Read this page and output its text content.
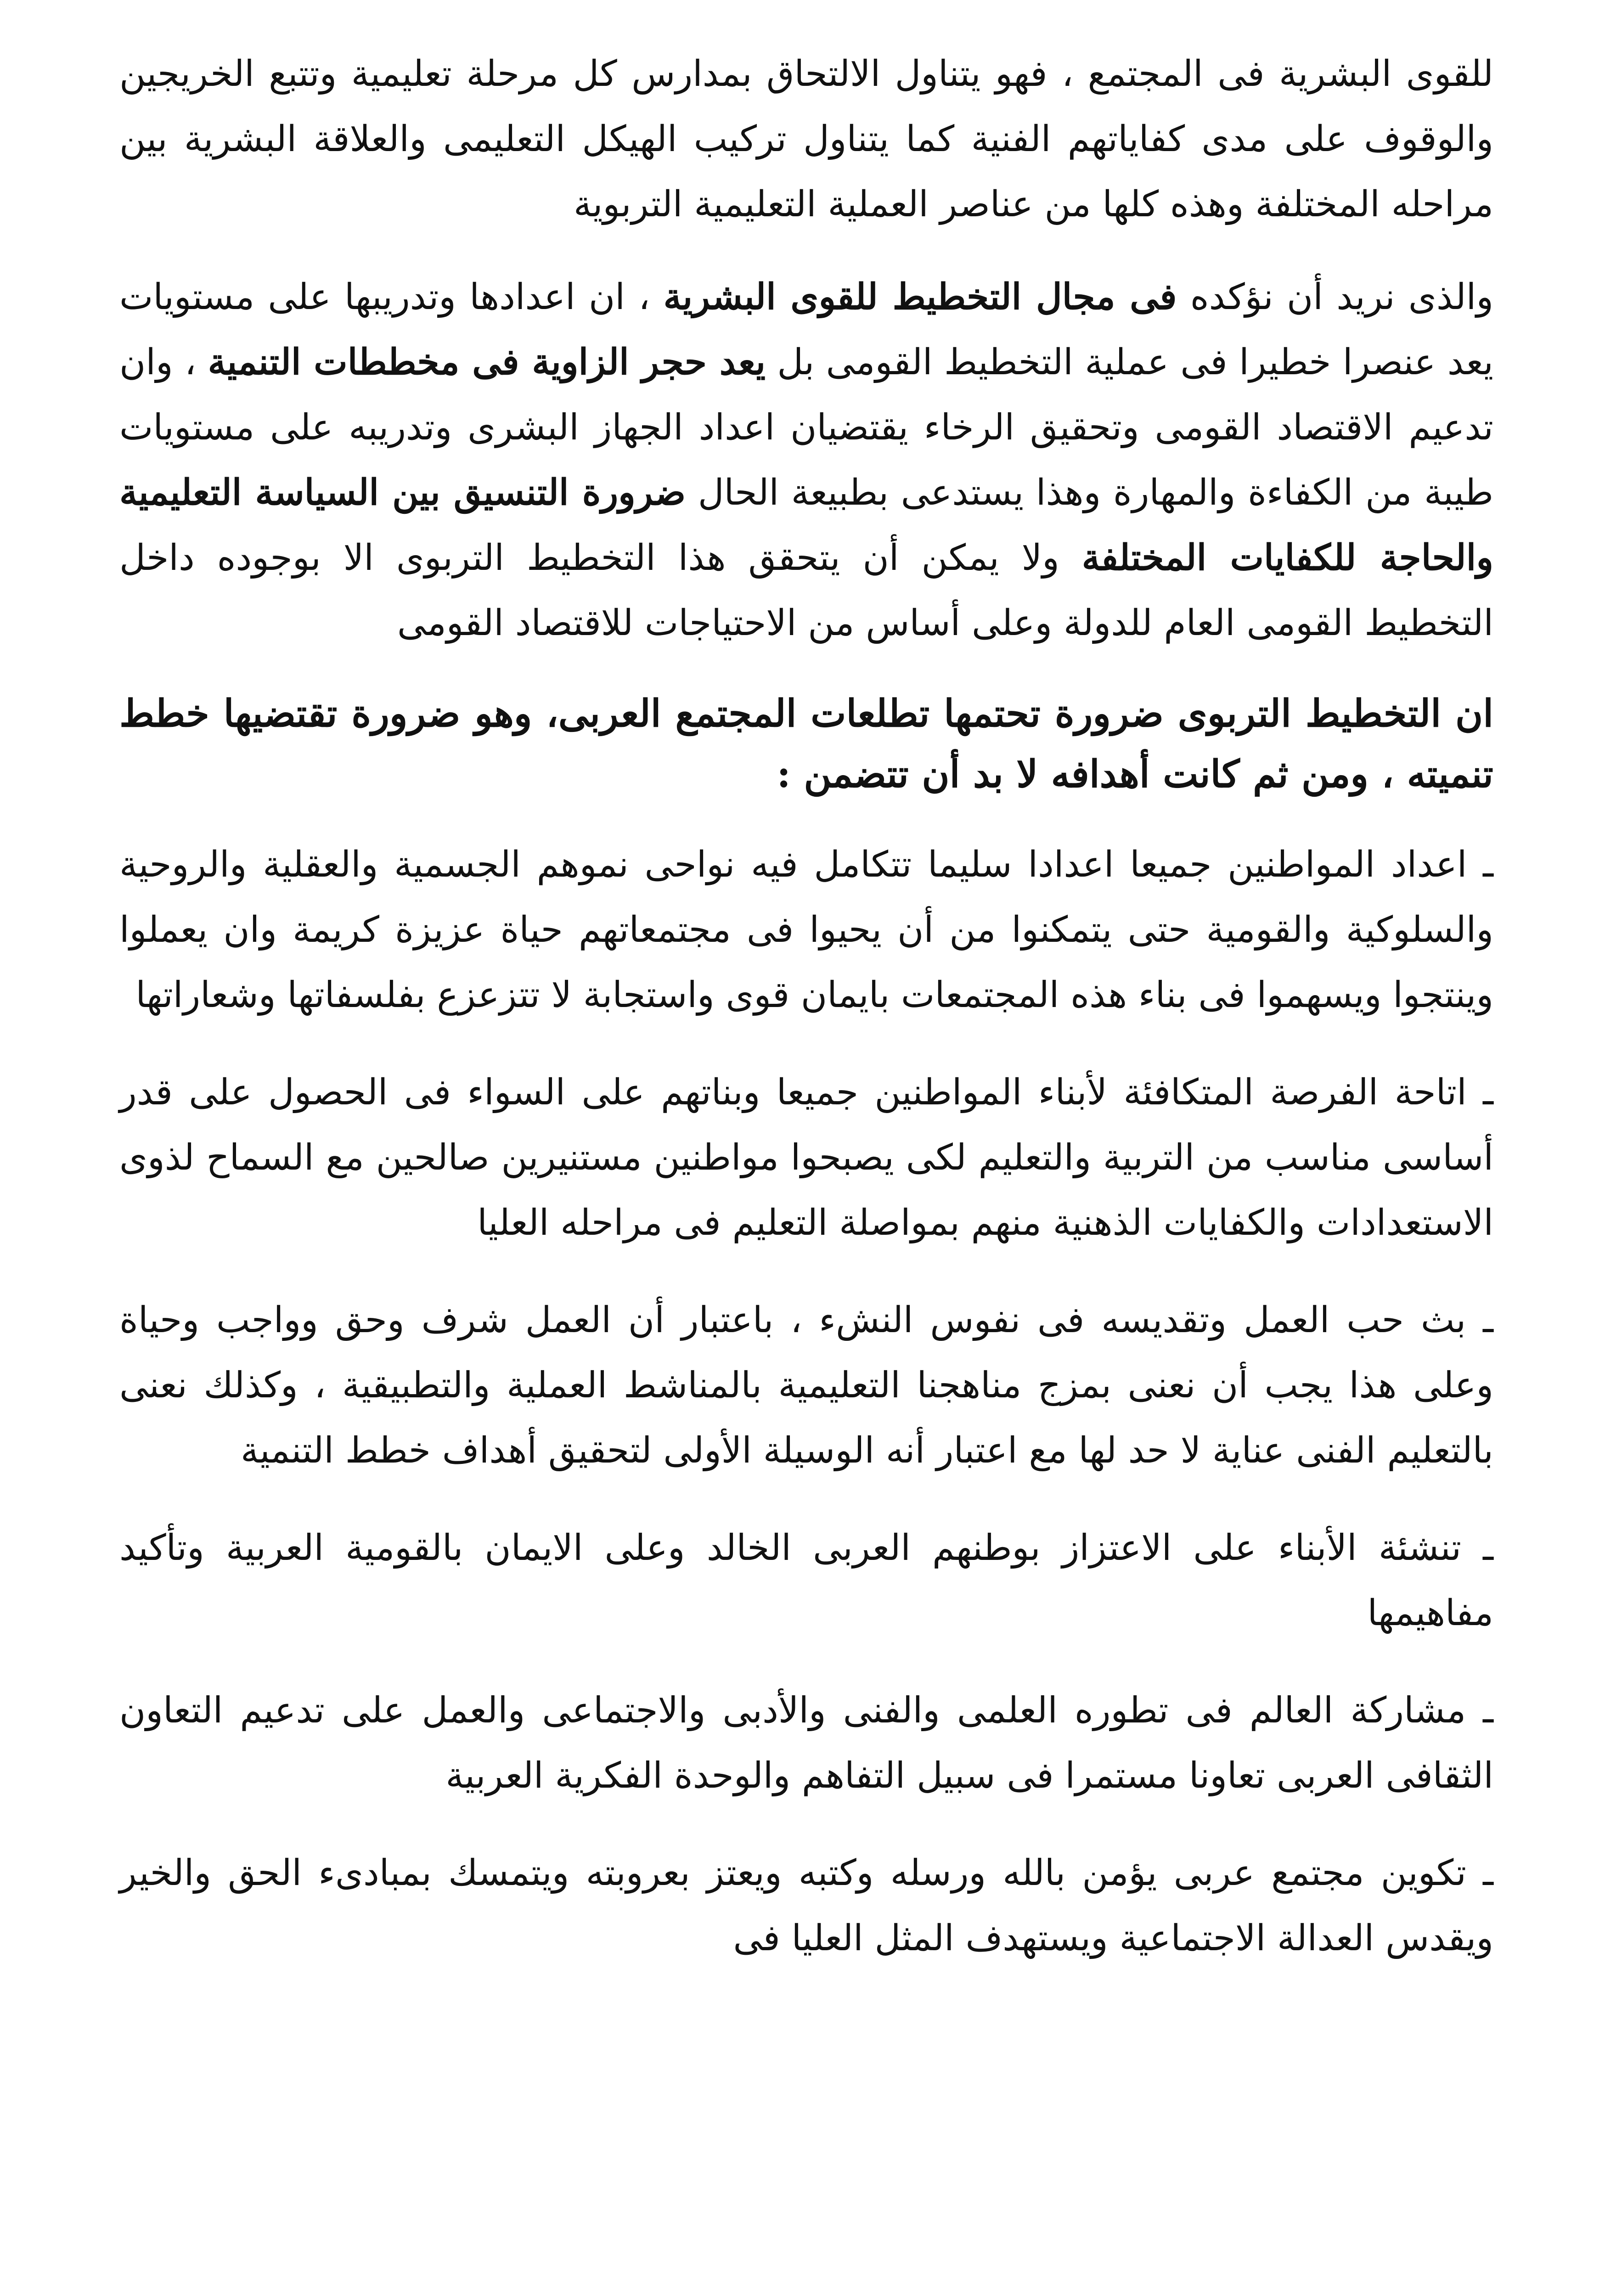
للقوى البشرية فى المجتمع ، فهو يتناول الالتحاق بمدارس كل مرحلة تعليمية وتتبع الخريجين والوقوف على مدى كفاياتهم الفنية كما يتناول تركيب الهيكل التعليمى والعلاقة البشرية بين مراحله المختلفة وهذه كلها من عناصر العملية التعليمية التربوية

والذى نريد أن نؤكده فى مجال التخطيط للقوى البشرية ، ان اعدادها وتدريبها على مستويات يعد عنصرا خطيرا فى عملية التخطيط القومى بل يعد حجر الزاوية فى مخططات التنمية ، وان تدعيم الاقتصاد القومى وتحقيق الرخاء يقتضيان اعداد الجهاز البشرى وتدريبه على مستويات طيبة من الكفاءة والمهارة وهذا يستدعى بطبيعة الحال ضرورة التنسيق بين السياسة التعليمية والحاجة للكفايات المختلفة ولا يمكن أن يتحقق هذا التخطيط التربوى الا بوجوده داخل التخطيط القومى العام للدولة وعلى أساس من الاحتياجات للاقتصاد القومى

ان التخطيط التربوى ضرورة تحتمها تطلعات المجتمع العربى، وهو ضرورة تقتضيها خطط تنميته ، ومن ثم كانت أهدافه لا بد أن تتضمن :

ـ اعداد المواطنين جميعا اعدادا سليما تتكامل فيه نواحى نموهم الجسمية والعقلية والروحية والسلوكية والقومية حتى يتمكنوا من أن يحيوا فى مجتمعاتهم حياة عزيزة كريمة وان يعملوا وينتجوا ويسهموا فى بناء هذه المجتمعات بايمان قوى واستجابة لا تتزعزع بفلسفاتها وشعاراتها

ـ اتاحة الفرصة المتكافئة لأبناء المواطنين جميعا وبناتهم على السواء فى الحصول على قدر أساسى مناسب من التربية والتعليم لكى يصبحوا مواطنين مستنيرين صالحين مع السماح لذوى الاستعدادات والكفايات الذهنية منهم بمواصلة التعليم فى مراحله العليا

ـ بث حب العمل وتقديسه فى نفوس النشء ، باعتبار أن العمل شرف وحق وواجب وحياة وعلى هذا يجب أن نعنى بمزج مناهجنا التعليمية بالمناشط العملية والتطبيقية ، وكذلك نعنى بالتعليم الفنى عناية لا حد لها مع اعتبار أنه الوسيلة الأولى لتحقيق أهداف خطط التنمية

ـ تنشئة الأبناء على الاعتزاز بوطنهم العربى الخالد وعلى الايمان بالقومية العربية وتأكيد مفاهيمها

ـ مشاركة العالم فى تطوره العلمى والفنى والأدبى والاجتماعى والعمل على تدعيم التعاون الثقافى العربى تعاونا مستمرا فى سبيل التفاهم والوحدة الفكرية العربية

ـ تكوين مجتمع عربى يؤمن بالله ورسله وكتبه ويعتز بعروبته ويتمسك بمبادىء الحق والخير ويقدس العدالة الاجتماعية ويستهدف المثل العليا فى
